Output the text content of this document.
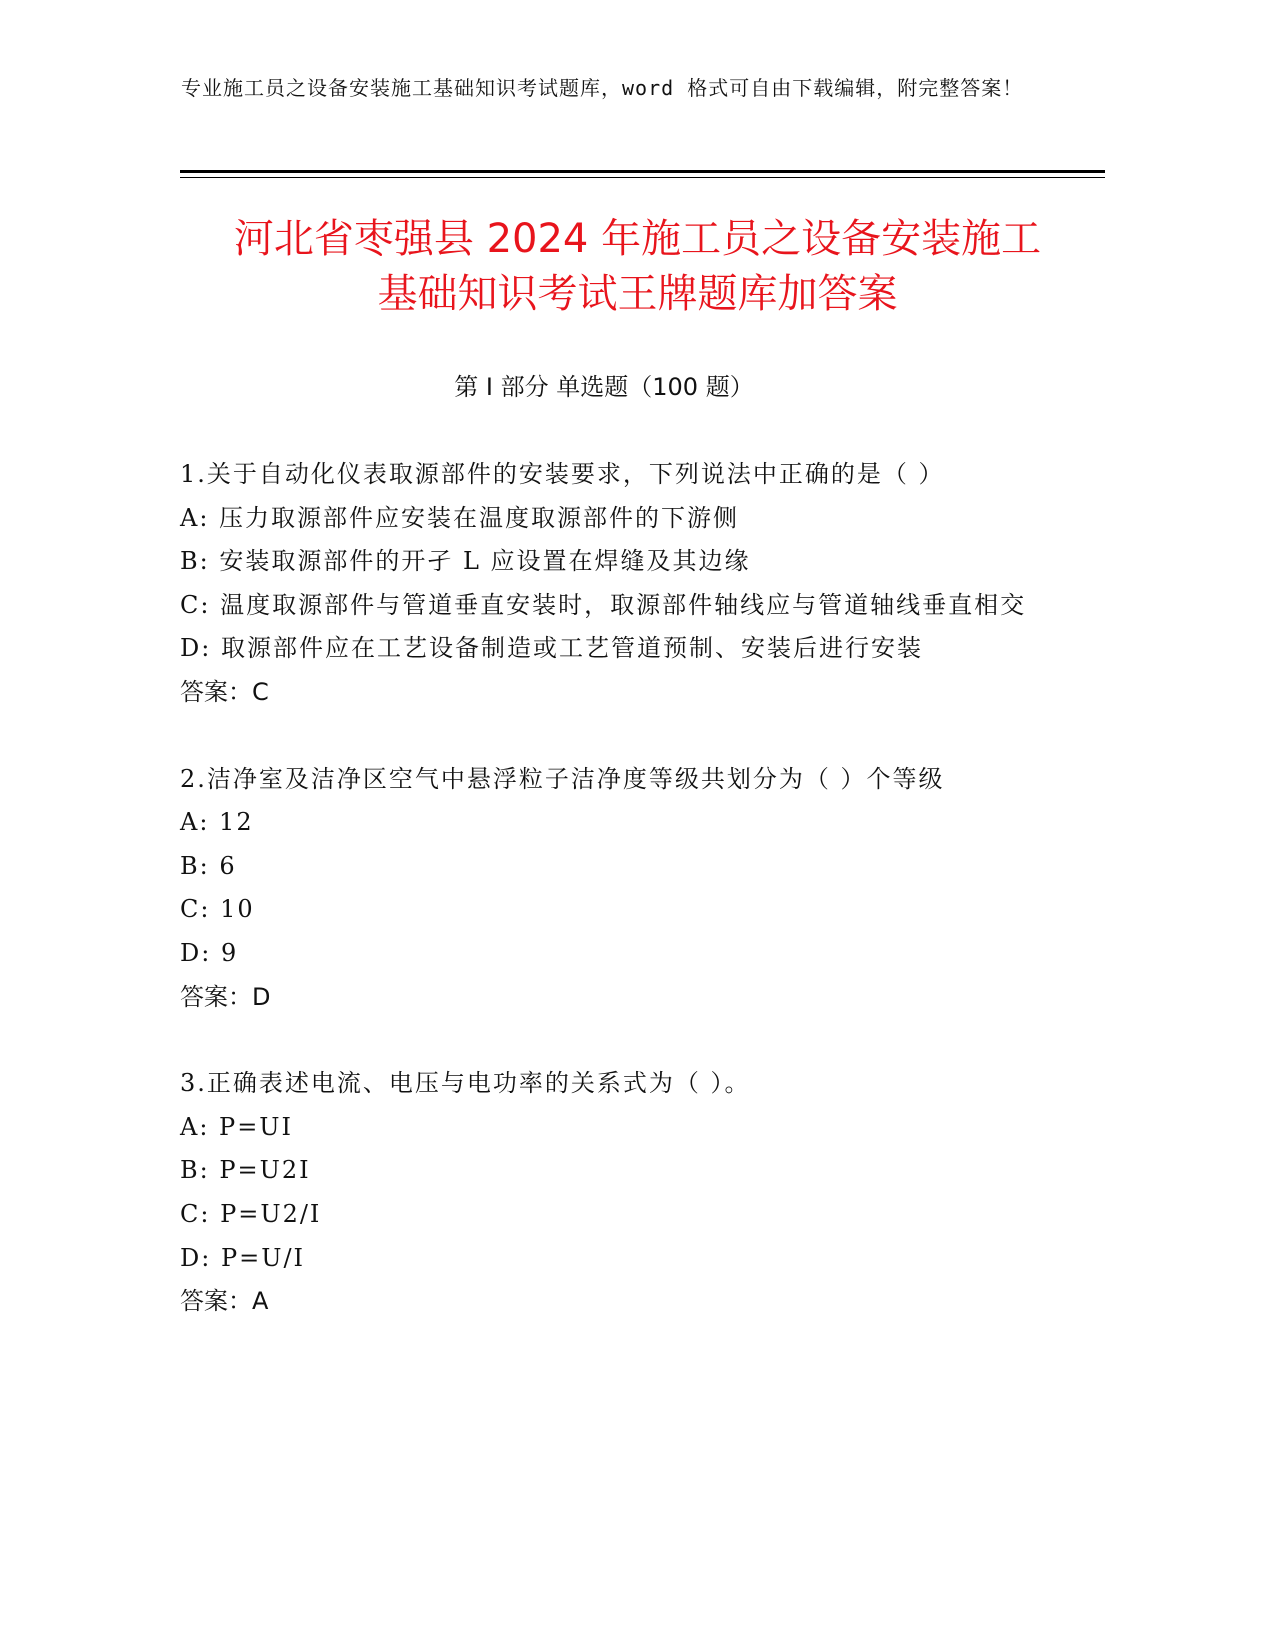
专业施工员之设备安装施工基础知识考试题库，word 格式可自由下载编辑，附完整答案！
河北省枣强县 2024 年施工员之设备安装施工
基础知识考试王牌题库加答案
第 I 部分 单选题（100 题）
1.关于自动化仪表取源部件的安装要求，下列说法中正确的是（ ）
A: 压力取源部件应安装在温度取源部件的下游侧
B: 安装取源部件的开孑 L 应设置在焊缝及其边缘
C: 温度取源部件与管道垂直安装时，取源部件轴线应与管道轴线垂直相交
D: 取源部件应在工艺设备制造或工艺管道预制、安装后进行安装
答案：C
2.洁净室及洁净区空气中悬浮粒子洁净度等级共划分为（ ）个等级
A: 12
B: 6
C: 10
D: 9
答案：D
3.正确表述电流、电压与电功率的关系式为（ ）。
A: P=UI
B: P=U2I
C: P=U2/I
D: P=U/I
答案：A
